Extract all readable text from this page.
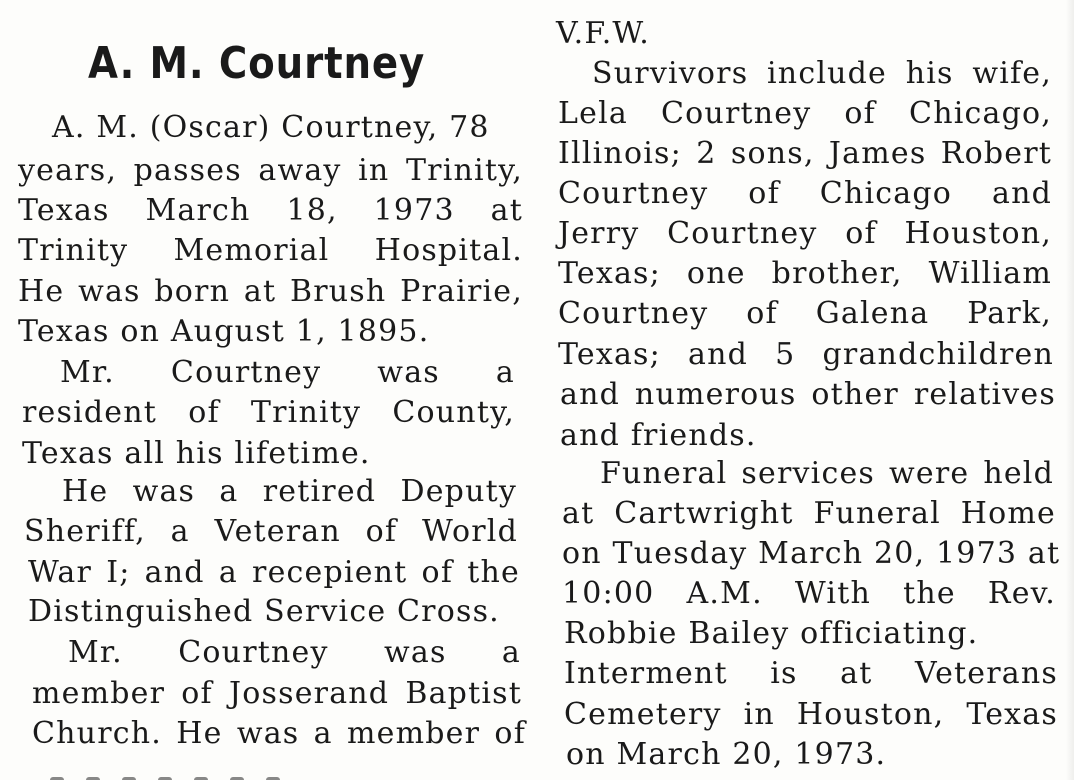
A. M. Courtney
A. M. (Oscar) Courtney, 78
years, passes away in Trinity,
Texas March 18, 1973 at
Trinity Memorial Hospital.
He was born at Brush Prairie,
Texas on August 1, 1895.
Mr. Courtney was a
resident of Trinity County,
Texas all his lifetime.
He was a retired Deputy
Sheriff, a Veteran of World
War I; and a recepient of the
Distinguished Service Cross.
Mr. Courtney was a
member of Josserand Baptist
Church. He was a member of
V.F.W.
Survivors include his wife,
Lela Courtney of Chicago,
Illinois; 2 sons, James Robert
Courtney of Chicago and
Jerry Courtney of Houston,
Texas; one brother, William
Courtney of Galena Park,
Texas; and 5 grandchildren
and numerous other relatives
and friends.
Funeral services were held
at Cartwright Funeral Home
on Tuesday March 20, 1973 at
10:00 A.M. With the Rev.
Robbie Bailey officiating.
Interment is at Veterans
Cemetery in Houston, Texas
on March 20, 1973.
